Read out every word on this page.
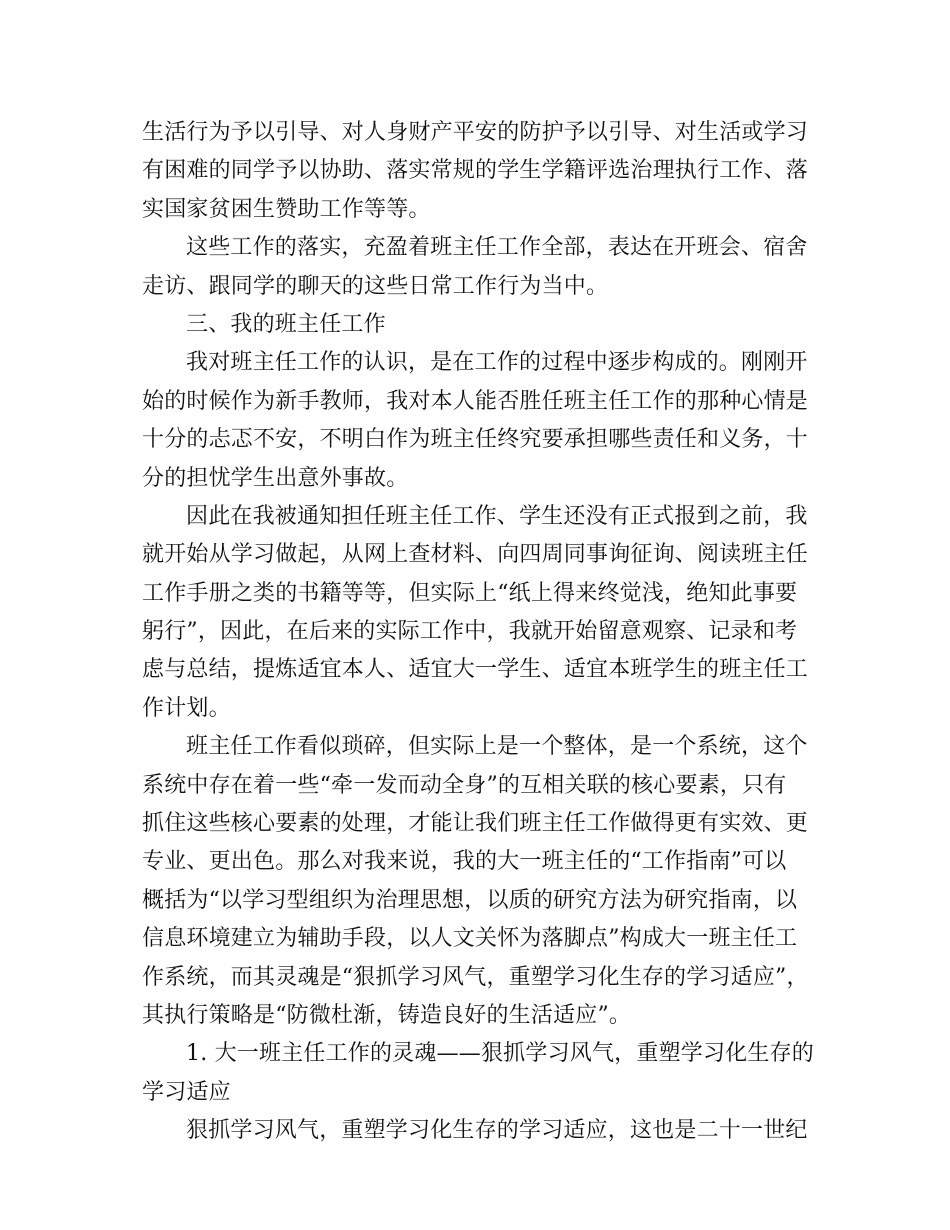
生活行为予以引导、对人身财产平安的防护予以引导、对生活或学习
有困难的同学予以协助、落实常规的学生学籍评选治理执行工作、落
实国家贫困生赞助工作等等。
这些工作的落实，充盈着班主任工作全部，表达在开班会、宿舍
走访、跟同学的聊天的这些日常工作行为当中。
三、我的班主任工作
我对班主任工作的认识，是在工作的过程中逐步构成的。刚刚开
始的时候作为新手教师，我对本人能否胜任班主任工作的那种心情是
十分的忐忑不安，不明白作为班主任终究要承担哪些责任和义务，十
分的担忧学生出意外事故。
因此在我被通知担任班主任工作、学生还没有正式报到之前，我
就开始从学习做起，从网上查材料、向四周同事询征询、阅读班主任
工作手册之类的书籍等等，但实际上“纸上得来终觉浅，绝知此事要
躬行”，因此，在后来的实际工作中，我就开始留意观察、记录和考
虑与总结，提炼适宜本人、适宜大一学生、适宜本班学生的班主任工
作计划。
班主任工作看似琐碎，但实际上是一个整体，是一个系统，这个
系统中存在着一些“牵一发而动全身”的互相关联的核心要素，只有
抓住这些核心要素的处理，才能让我们班主任工作做得更有实效、更
专业、更出色。那么对我来说，我的大一班主任的“工作指南”可以
概括为“以学习型组织为治理思想，以质的研究方法为研究指南，以
信息环境建立为辅助手段，以人文关怀为落脚点”构成大一班主任工
作系统，而其灵魂是“狠抓学习风气，重塑学习化生存的学习适应”，
其执行策略是“防微杜渐，铸造良好的生活适应”。
1. 大一班主任工作的灵魂——狠抓学习风气，重塑学习化生存的
学习适应
狠抓学习风气，重塑学习化生存的学习适应，这也是二十一世纪
